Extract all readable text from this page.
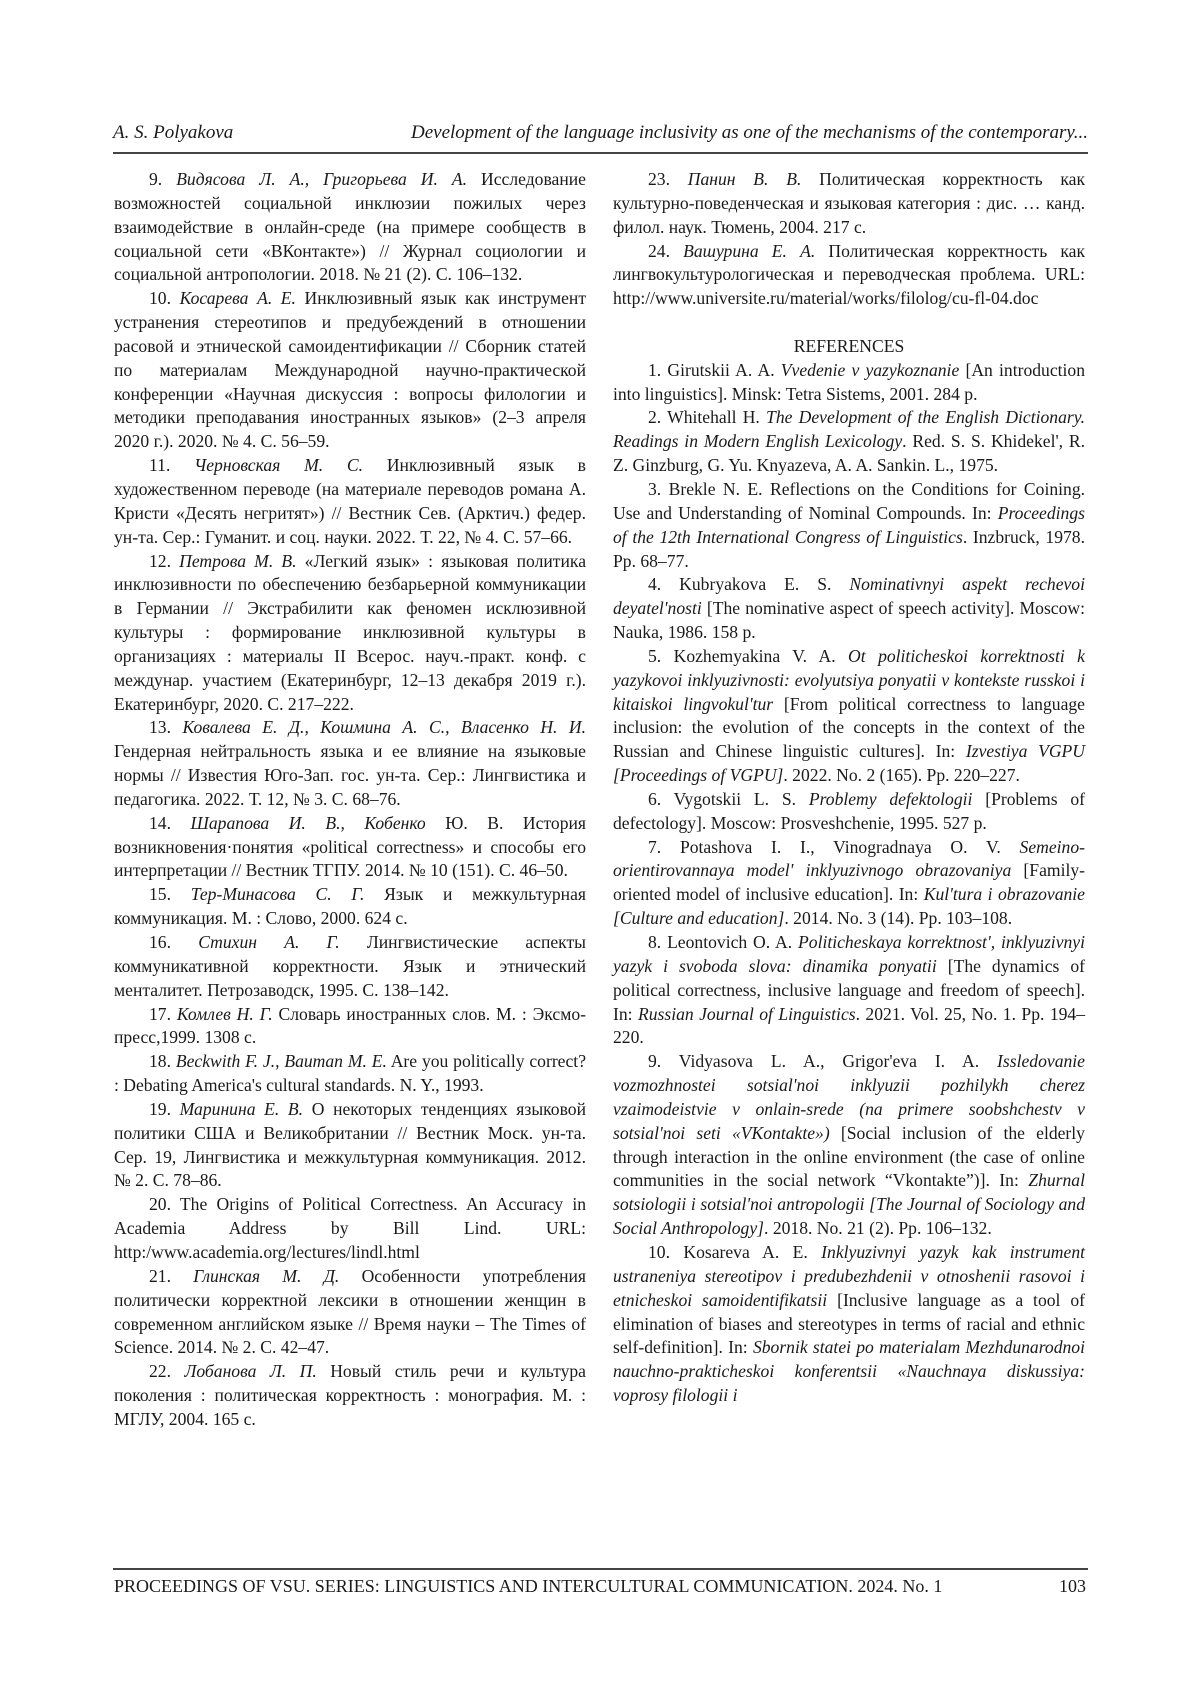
A. S. Polyakova	Development of the language inclusivity as one of the mechanisms of the contemporary...

9. Видясова Л. А., Григорьева И. А. Исследование возможностей социальной инклюзии пожилых через взаимодействие в онлайн-среде (на примере сообществ в социальной сети «ВКонтакте») // Журнал социологии и социальной антропологии. 2018. № 21 (2). С. 106–132.

10. Косарева А. Е. Инклюзивный язык как инструмент устранения стереотипов и предубеждений в отношении расовой и этнической самоидентификации // Сборник статей по материалам Международной научно-практической конференции «Научная дискуссия : вопросы филологии и методики преподавания иностранных языков» (2–3 апреля 2020 г.). 2020. № 4. С. 56–59.

11. Черновская М. С. Инклюзивный язык в художественном переводе (на материале переводов романа А. Кристи «Десять негритят») // Вестник Сев. (Арктич.) федер. ун-та. Сер.: Гуманит. и соц. науки. 2022. Т. 22, № 4. С. 57–66.

12. Петрова М. В. «Легкий язык» : языковая политика инклюзивности по обеспечению безбарьерной коммуникации в Германии // Экстрабилити как феномен исклюзивной культуры : формирование инклюзивной культуры в организациях : материалы II Всерос. науч.-практ. конф. с междунар. участием (Екатеринбург, 12–13 декабря 2019 г.). Екатеринбург, 2020. С. 217–222.

13. Ковалева Е. Д., Кошмина А. С., Власенко Н. И. Гендерная нейтральность языка и ее влияние на языковые нормы // Известия Юго-Зап. гос. ун-та. Сер.: Лингвистика и педагогика. 2022. Т. 12, № 3. С. 68–76.

14. Шарапова И. В., Кобенко Ю. В. История возникновения·понятия «political correctness» и способы его интерпретации // Вестник ТГПУ. 2014. № 10 (151). С. 46–50.

15. Тер-Минасова С. Г. Язык и межкультурная коммуникация. М. : Слово, 2000. 624 с.

16. Стихин А. Г. Лингвистические аспекты коммуникативной корректности. Язык и этнический менталитет. Петрозаводск, 1995. С. 138–142.

17. Комлев Н. Г. Словарь иностранных слов. М. : Эксмо-пресс,1999. 1308 с.

18. Beckwith F. J., Bauman M. E. Are you politically correct? : Debating America's cultural standards. N. Y., 1993.

19. Маринина Е. В. О некоторых тенденциях языковой политики США и Великобритании // Вестник Моск. ун-та. Сер. 19, Лингвистика и межкультурная коммуникация. 2012. № 2. С. 78–86.

20. The Origins of Political Correctness. An Accuracy in Academia Address by Bill Lind. URL: http:/www.academia.org/lectures/lindl.html

21. Глинская М. Д. Особенности употребления политически корректной лексики в отношении женщин в современном английском языке // Время науки – The Times of Science. 2014. № 2. С. 42–47.

22. Лобанова Л. П. Новый стиль речи и культура поколения : политическая корректность : монография. М. : МГЛУ, 2004. 165 с.

23. Панин В. В. Политическая корректность как культурно-поведенческая и языковая категория : дис. … канд. филол. наук. Тюмень, 2004. 217 с.

24. Вашурина Е. А. Политическая корректность как лингвокультурологическая и переводческая проблема. URL: http://www.universite.ru/material/works/filolog/cu-fl-04.doc

REFERENCES

1. Girutskii A. A. Vvedenie v yazykoznanie [An introduction into linguistics]. Minsk: Tetra Sistems, 2001. 284 p.

2. Whitehall H. The Development of the English Dictionary. Readings in Modern English Lexicology. Red. S. S. Khidekel', R. Z. Ginzburg, G. Yu. Knyazeva, A. A. Sankin. L., 1975.

3. Brekle N. E. Reflections on the Conditions for Coining. Use and Understanding of Nominal Compounds. In: Proceedings of the 12th International Congress of Linguistics. Inzbruck, 1978. Pp. 68–77.

4. Kubryakova E. S. Nominativnyi aspekt rechevoi deyatel'nosti [The nominative aspect of speech activity]. Moscow: Nauka, 1986. 158 p.

5. Kozhemyakina V. A. Ot politicheskoi korrektnosti k yazykovoi inklyuzivnosti: evolyutsiya ponyatii v kontekste russkoi i kitaiskoi lingvokul'tur [From political correctness to language inclusion: the evolution of the concepts in the context of the Russian and Chinese linguistic cultures]. In: Izvestiya VGPU [Proceedings of VGPU]. 2022. No. 2 (165). Pp. 220–227.

6. Vygotskii L. S. Problemy defektologii [Problems of defectology]. Moscow: Prosveshchenie, 1995. 527 p.

7. Potashova I. I., Vinogradnaya O. V. Semeino-orientirovannaya model' inklyuzivnogo obrazovaniya [Family-oriented model of inclusive education]. In: Kul'tura i obrazovanie [Culture and education]. 2014. No. 3 (14). Pp. 103–108.

8. Leontovich O. A. Politicheskaya korrektnost', inklyuzivnyi yazyk i svoboda slova: dinamika ponyatii [The dynamics of political correctness, inclusive language and freedom of speech]. In: Russian Journal of Linguistics. 2021. Vol. 25, No. 1. Pp. 194–220.

9. Vidyasova L. A., Grigor'eva I. A. Issledovanie vozmozhnostei sotsial'noi inklyuzii pozhilykh cherez vzaimodeistvie v onlain-srede (na primere soobshchestv v sotsial'noi seti «VKontakte») [Social inclusion of the elderly through interaction in the online environment (the case of online communities in the social network “Vkontakte”)]. In: Zhurnal sotsiologii i sotsial'noi antropologii [The Journal of Sociology and Social Anthropology]. 2018. No. 21 (2). Pp. 106–132.

10. Kosareva A. E. Inklyuzivnyi yazyk kak instrument ustraneniya stereotipov i predubezhdenii v otnoshenii rasovoi i etnicheskoi samoidentifikatsii [Inclusive language as a tool of elimination of biases and stereotypes in terms of racial and ethnic self-definition]. In: Sbornik statei po materialam Mezhdunarodnoi nauchno-prakticheskoi konferentsii «Nauchnaya diskussiya: voprosy filologii i

PROCEEDINGS OF VSU. SERIES: LINGUISTICS AND INTERCULTURAL COMMUNICATION. 2024. No. 1	103
